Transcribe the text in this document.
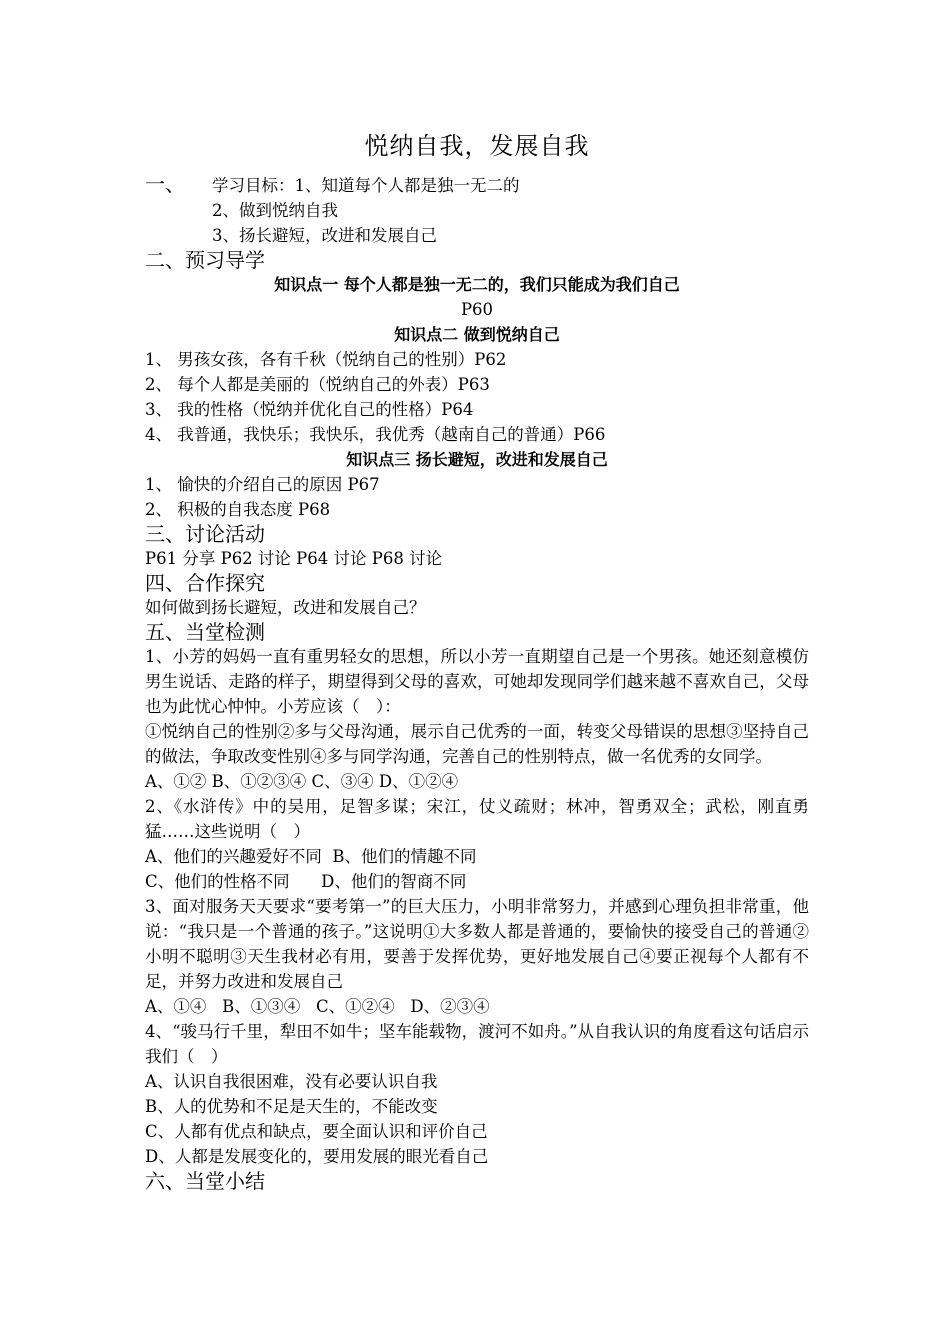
悦纳自我，发展自我

一、 学习目标：1、知道每个人都是独一无二的

2、做到悦纳自我

3、扬长避短，改进和发展自己

二、预习导学

知识点一 每个人都是独一无二的，我们只能成为我们自己

P60

知识点二 做到悦纳自己

1、 男孩女孩，各有千秋（悦纳自己的性别）P62

2、 每个人都是美丽的（悦纳自己的外表）P63

3、 我的性格（悦纳并优化自己的性格）P64

4、 我普通，我快乐；我快乐，我优秀（越南自己的普通）P66

知识点三 扬长避短，改进和发展自己

1、 愉快的介绍自己的原因 P67

2、 积极的自我态度 P68

三、讨论活动

P61 分享 P62 讨论 P64 讨论 P68 讨论

四、合作探究

如何做到扬长避短，改进和发展自己？

五、当堂检测

1、小芳的妈妈一直有重男轻女的思想，所以小芳一直期望自己是一个男孩。她还刻意模仿男生说话、走路的样子，期望得到父母的喜欢，可她却发现同学们越来越不喜欢自己，父母也为此忧心忡忡。小芳应该（　）：

①悦纳自己的性别②多与父母沟通，展示自己优秀的一面，转变父母错误的思想③坚持自己的做法，争取改变性别④多与同学沟通，完善自己的性别特点，做一名优秀的女同学。

A、①② B、①②③④ C、③④ D、①②④

2、《水浒传》中的吴用，足智多谋；宋江，仗义疏财；林冲，智勇双全；武松，刚直勇猛……这些说明（　）

A、他们的兴趣爱好不同  B、他们的情趣不同

C、他们的性格不同      D、他们的智商不同

3、面对服务天天要求“要考第一”的巨大压力，小明非常努力，并感到心理负担非常重，他说：“我只是一个普通的孩子。”这说明①大多数人都是普通的，要愉快的接受自己的普通②小明不聪明③天生我材必有用，要善于发挥优势，更好地发展自己④要正视每个人都有不足，并努力改进和发展自己

A、①④   B、①③④   C、①②④   D、②③④

4、“骏马行千里，犁田不如牛；坚车能载物，渡河不如舟。”从自我认识的角度看这句话启示我们（　）

A、认识自我很困难，没有必要认识自我

B、人的优势和不足是天生的，不能改变

C、人都有优点和缺点，要全面认识和评价自己

D、人都是发展变化的，要用发展的眼光看自己

六、当堂小结
